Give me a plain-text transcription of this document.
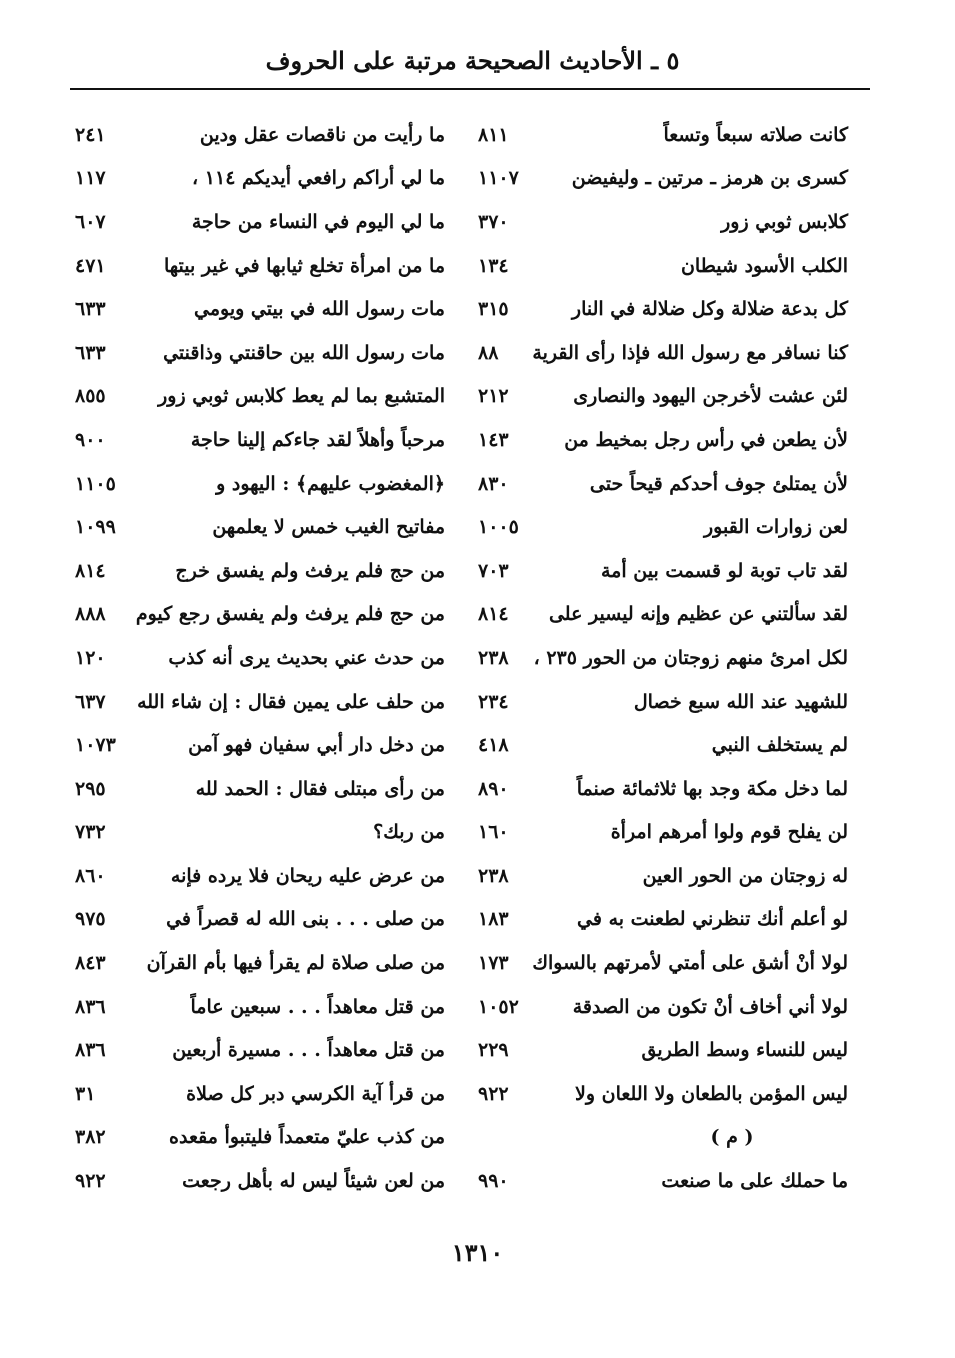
٥ ـ الأحاديث الصحيحة مرتبة على الحروف
كانت صلاته سبعاً وتسعاً
٨١١
كسرى بن هرمز ـ مرتين ـ وليفيضن
١١٠٧
كلابس ثوبي زور
٣٧٠
الكلب الأسود شيطان
١٣٤
كل بدعة ضلالة وكل ضلالة في النار
٣١٥
كنا نسافر مع رسول الله فإذا رأى القرية
٨٨
لئن عشت لأخرجن اليهود والنصارى
٢١٢
لأن يطعن في رأس رجل بمخيط من
١٤٣
لأن يمتلئ جوف أحدكم قيحاً حتى
٨٣٠
لعن زوارات القبور
١٠٠٥
لقد تاب توبة لو قسمت بين أمة
٧٠٣
لقد سألتني عن عظيم وإنه ليسير على
٨١٤
لكل امرئ منهم زوجتان من الحور ٢٣٥ ،
٢٣٨
للشهيد عند الله سبع خصال
٢٣٤
لم يستخلف النبي
٤١٨
لما دخل مكة وجد بها ثلاثمائة صنماً
٨٩٠
لن يفلح قوم ولوا أمرهم امرأة
١٦٠
له زوجتان من الحور العين
٢٣٨
لو أعلم أنك تنظرني لطعنت به في
١٨٣
لولا أنْ أشق على أمتي لأمرتهم بالسواك
١٧٣
لولا أني أخاف أنْ تكون من الصدقة
١٠٥٢
ليس للنساء وسط الطريق
٢٢٩
ليس المؤمن بالطعان ولا اللعان ولا
٩٢٢
( م )
ما حملك على ما صنعت
٩٩٠
ما رأيت من ناقصات عقل ودين
٢٤١
ما لي أراكم رافعي أيديكم ١١٤ ،
١١٧
ما لي اليوم في النساء من حاجة
٦٠٧
ما من امرأة تخلع ثيابها في غير بيتها
٤٧١
مات رسول الله في بيتي ويومي
٦٣٣
مات رسول الله بين حاقنتي وذاقنتي
٦٣٣
المتشبع بما لم يعط كلابس ثوبي زور
٨٥٥
مرحباً وأهلاً لقد جاءكم إلينا حاجة
٩٠٠
﴿المغضوب عليهم﴾ : اليهود و
١١٠٥
مفاتيح الغيب خمس لا يعلمهن
١٠٩٩
من حج فلم يرفث ولم يفسق خرج
٨١٤
من حج فلم يرفث ولم يفسق رجع كيوم
٨٨٨
من حدث عني بحديث يرى أنه كذب
١٢٠
من حلف على يمين فقال : إن شاء الله
٦٣٧
من دخل دار أبي سفيان فهو آمن
١٠٧٣
من رأى مبتلى فقال : الحمد لله
٢٩٥
من ربك؟
٧٣٢
من عرض عليه ريحان فلا يرده فإنه
٨٦٠
من صلى . . . بنى الله له قصراً في
٩٧٥
من صلى صلاة لم يقرأ فيها بأم القرآن
٨٤٣
من قتل معاهداً . . . سبعين عاماً
٨٣٦
من قتل معاهداً . . . مسيرة أربعين
٨٣٦
من قرأ آية الكرسي دبر كل صلاة
٣١
من كذب عليّ متعمداً فليتبوأ مقعده
٣٨٢
من لعن شيئاً ليس له بأهل رجعت
٩٢٢
١٣١٠
